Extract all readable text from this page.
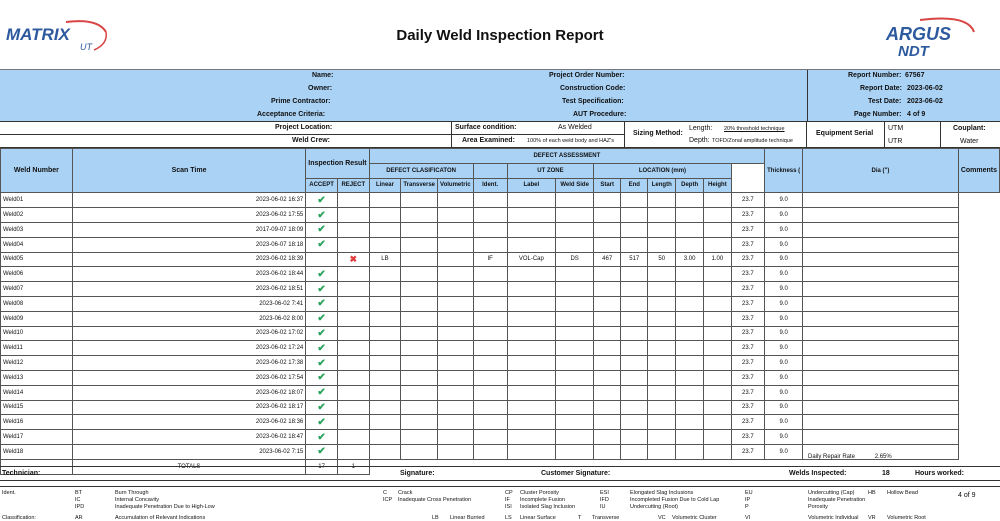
MATRIX
UT
Daily Weld Inspection Report	ARGUS
NDT
Name:
Owner:
Prime Contractor:
Acceptance Criteria:
Project Order Number:
Construction Code:
Test Specification:
AUT Procedure:
Report Number: 67567
Report Date: 2023-06-02
Test Date: 2023-06-02
Page Number: 4 of 9
Project Location:
Weld Crew:
Surface condition:	As Welded
Area Examined: 100% of each weld body and HAZ's
Sizing Method:
Length: 20% threshold technique
Depth: TOFD/Zonal amplitude technique
Equipment Serial
UTM
UTR
Couplant:
Water
Weld Number	Scan Time	Inspection Result		DEFECT ASSESSMENT												Thickness (	Dia (")	Comments
				DEFECT CLASIFICATON				UT ZONE		LOCATION (mm)								
		ACCEPT	REJECT	Linear	Transverse	Volumetric	Ident.	Label	Weld Side	Start	End	Length	Depth	Height				
Weld01	2023-06-02 16:37	✔													23.7	9.0		
Weld02	2023-06-02 17:55	✔													23.7	9.0		
Weld03	2017-09-07 18:09	✔													23.7	9.0		
Weld04	2023-06-07 18:18	✔													23.7	9.0		
Weld05	2023-06-02 18:39		✖	LB			IF	VOL-Cap	DS	467	517	50	3.00	1.00	23.7	9.0		
Weld06	2023-06-02 18:44	✔													23.7	9.0		
Weld07	2023-06-02 18:51	✔													23.7	9.0		
Weld08	2023-06-02 7:41	✔													23.7	9.0		
Weld09	2023-06-02 8:00	✔													23.7	9.0		
Weld10	2023-06-02 17:02	✔													23.7	9.0		
Weld11	2023-06-02 17:24	✔													23.7	9.0		
Weld12	2023-06-02 17:38	✔													23.7	9.0		
Weld13	2023-06-02 17:54	✔													23.7	9.0		
Weld14	2023-06-02 18:07	✔													23.7	9.0		
Weld15	2023-06-02 18:17	✔													23.7	9.0		
Weld16	2023-06-02 18:36	✔													23.7	9.0		
Weld17	2023-06-02 18:47	✔													23.7	9.0		
Weld18	2023-06-02 7:15	✔													23.7	9.0		
	TOTALS	17	1															
Daily Repair Rate	2.65%
Technician:	Signature:	Customer Signature:	Welds Inspected:	18	Hours worked:
Ident.
Classification:
4 of 9
BT	Burn Through
IC	Internal Concavity
IPD	Inadequate Penetration Due to High-Low
AR	Accumulation of Relevant Indications
C Crack
ICP Inadequate Cross Penetration
LB Linear Burried
CP Cluster Porosity
IF Incomplete Fusion
ISI Isolated Slag Inclusion
LS Linear Surface
ESI	Elongated Slag Inclusions
IFD	Incompleted Fusion Due to Cold Lap
IU	Undercutting (Root)
T Transverse
EU	Undercutting (Cap)
IP	Inadequate Penetration
P	Porosity
VC Volumetric Cluster
HB Hollow Bead
VI	Volumetric Individual VR Volumetric Root
